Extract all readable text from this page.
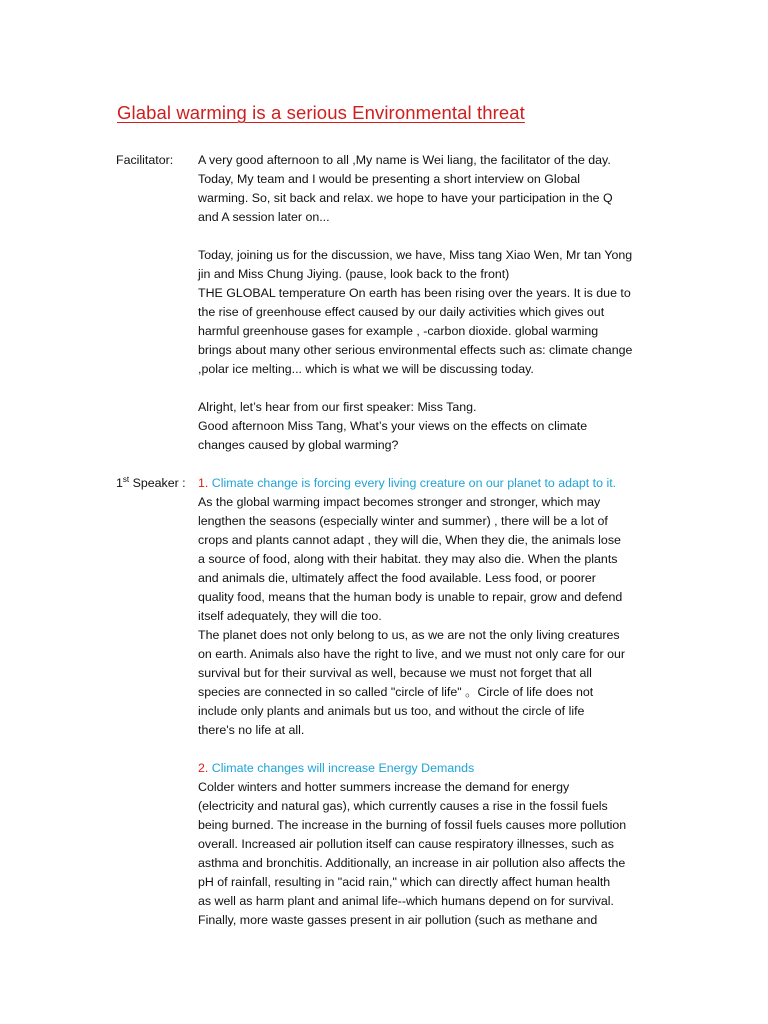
Glabal warming is a serious Environmental threat
Facilitator: A very good afternoon to all ,My name is Wei liang, the facilitator of the day.
Today, My team and I would be presenting a short interview on Global
warming. So, sit back and relax. we hope to have your participation in the Q
and A session later on...
Today, joining us for the discussion, we have, Miss tang Xiao Wen, Mr tan Yong
jin and Miss Chung Jiying. (pause, look back to the front)
THE GLOBAL temperature On earth has been rising over the years. It is due to
the rise of greenhouse effect caused by our daily activities which gives out
harmful greenhouse gases for example , -carbon dioxide. global warming
brings about many other serious environmental effects such as: climate change
,polar ice melting... which is what we will be discussing today.
Alright, let’s hear from our first speaker: Miss Tang.
Good afternoon Miss Tang, What’s your views on the effects on climate
changes caused by global warming?
1st Speaker : 1. Climate change is forcing every living creature on our planet to adapt to it.
As the global warming impact becomes stronger and stronger, which may
lengthen the seasons (especially winter and summer) , there will be a lot of
crops and plants cannot adapt , they will die, When they die, the animals lose
a source of food, along with their habitat. they may also die. When the plants
and animals die, ultimately affect the food available. Less food, or poorer
quality food, means that the human body is unable to repair, grow and defend
itself adequately, they will die too.
The planet does not only belong to us, as we are not the only living creatures
on earth. Animals also have the right to live, and we must not only care for our
survival but for their survival as well, because we must not forget that all
species are connected in so called "circle of life" 。Circle of life does not
include only plants and animals but us too, and without the circle of life
there's no life at all.
2. Climate changes will increase Energy Demands
Colder winters and hotter summers increase the demand for energy
(electricity and natural gas), which currently causes a rise in the fossil fuels
being burned. The increase in the burning of fossil fuels causes more pollution
overall. Increased air pollution itself can cause respiratory illnesses, such as
asthma and bronchitis. Additionally, an increase in air pollution also affects the
pH of rainfall, resulting in "acid rain," which can directly affect human health
as well as harm plant and animal life--which humans depend on for survival.
Finally, more waste gasses present in air pollution (such as methane and
